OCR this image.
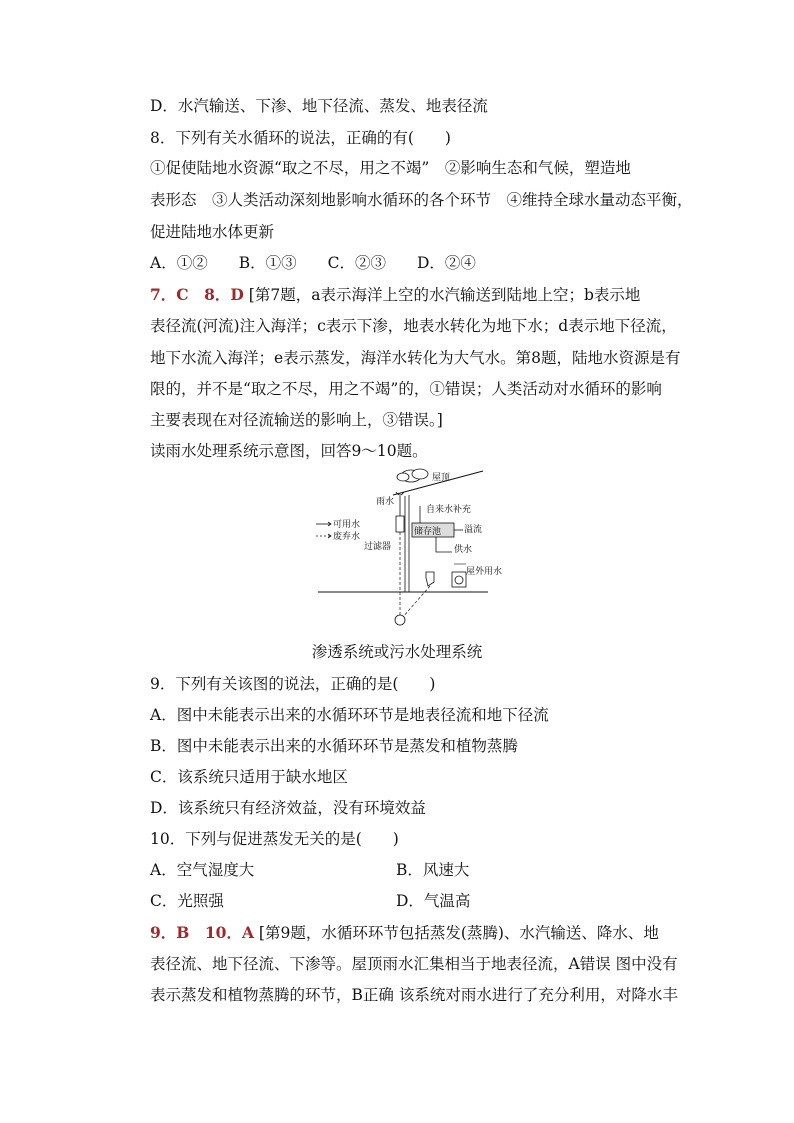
D．水汽输送、下渗、地下径流、蒸发、地表径流
8．下列有关水循环的说法，正确的有(　　)
①促使陆地水资源“取之不尽，用之不竭”　②影响生态和气候，塑造地
表形态　③人类活动深刻地影响水循环的各个环节　④维持全球水量动态平衡，
促进陆地水体更新
A．①②　　B．①③　　C．②③　　D．②④
7．C　8．D [第7题，a表示海洋上空的水汽输送到陆地上空；b表示地
表径流(河流)注入海洋；c表示下渗，地表水转化为地下水；d表示地下径流，
地下水流入海洋；e表示蒸发，海洋水转化为大气水。第8题，陆地水资源是有
限的，并不是“取之不尽，用之不竭”的，①错误；人类活动对水循环的影响
主要表现在对径流输送的影响上，③错误。]
读雨水处理系统示意图，回答9～10题。
屋顶
雨水
过滤器
自来水补充
储存池	溢流
供水
屋外用水
可用水
废弃水
渗透系统或污水处理系统
9．下列有关该图的说法，正确的是(　　)
A．图中未能表示出来的水循环环节是地表径流和地下径流
B．图中未能表示出来的水循环环节是蒸发和植物蒸腾
C．该系统只适用于缺水地区
D．该系统只有经济效益，没有环境效益
10．下列与促进蒸发无关的是(　　)
A．空气湿度大	B．风速大
C．光照强	D．气温高
9．B　10．A [第9题，水循环环节包括蒸发(蒸腾)、水汽输送、降水、地
表径流、地下径流、下渗等。屋顶雨水汇集相当于地表径流，A错误 图中没有
表示蒸发和植物蒸腾的环节，B正确 该系统对雨水进行了充分利用，对降水丰
